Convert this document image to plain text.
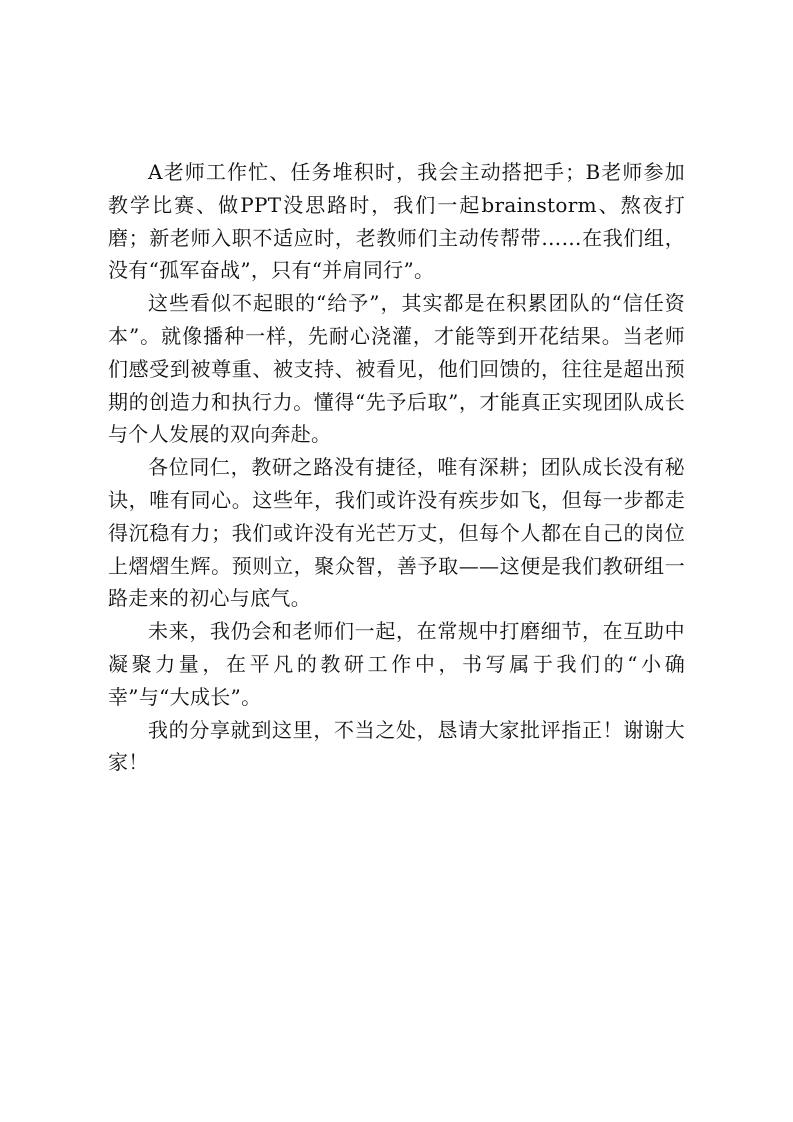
A老师工作忙、任务堆积时，我会主动搭把手；B老师参加教学比赛、做PPT没思路时，我们一起brainstorm、熬夜打磨；新老师入职不适应时，老教师们主动传帮带……在我们组，没有“孤军奋战”，只有“并肩同行”。

这些看似不起眼的“给予”，其实都是在积累团队的“信任资本”。就像播种一样，先耐心浇灌，才能等到开花结果。当老师们感受到被尊重、被支持、被看见，他们回馈的，往往是超出预期的创造力和执行力。懂得“先予后取”，才能真正实现团队成长与个人发展的双向奔赴。

各位同仁，教研之路没有捷径，唯有深耕；团队成长没有秘诀，唯有同心。这些年，我们或许没有疾步如飞，但每一步都走得沉稳有力；我们或许没有光芒万丈，但每个人都在自己的岗位上熠熠生辉。预则立，聚众智，善予取——这便是我们教研组一路走来的初心与底气。

未来，我仍会和老师们一起，在常规中打磨细节，在互助中凝聚力量，在平凡的教研工作中，书写属于我们的“小确幸”与“大成长”。

我的分享就到这里，不当之处，恳请大家批评指正！谢谢大家！
